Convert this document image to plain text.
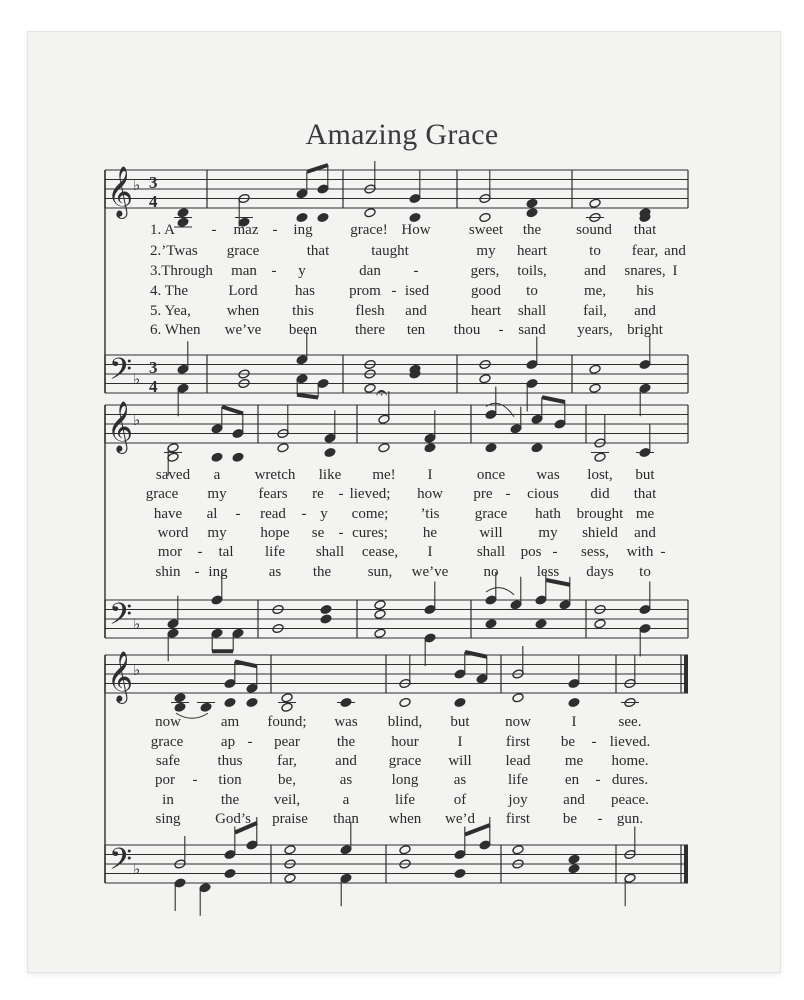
Amazing Grace
𝄞
𝄢
♭
♭
3
4
3
4
𝄞
𝄢
♭
♭
𝄞
𝄢
♭
♭
𝄐
1. A - maz - ing	grace! How	sweet the sound that
2.’Twas grace	that	taught	my heart	to fear, and
3.Through man - y	dan -	gers, toils, and snares, I
4. The	Lord has prom - ised	good to	me, his
5. Yea, when this	flesh and	heart shall fail, and
6. When we’ve been	there ten thou - sand years, bright
saved a wretch like me! I	once was lost, but
grace my fears re - lieved; how pre - cious did that
have al - read - y come; ’tis grace hath brought me
word my hope se - cures; he	will my shield and
mor - tal life shall cease, I	shall pos - sess, with -
shin - ing	as the sun, we’ve no	less days to
now	am found; was blind, but now	I	see.
grace	ap - pear the hour	I	first be - lieved.
safe thus far,	and grace will lead me home.
por - tion be,	as	long as	life en - dures.
in	the veil,	a	life	of	joy and peace.
sing God’s praise than when we’d first be - gun.
